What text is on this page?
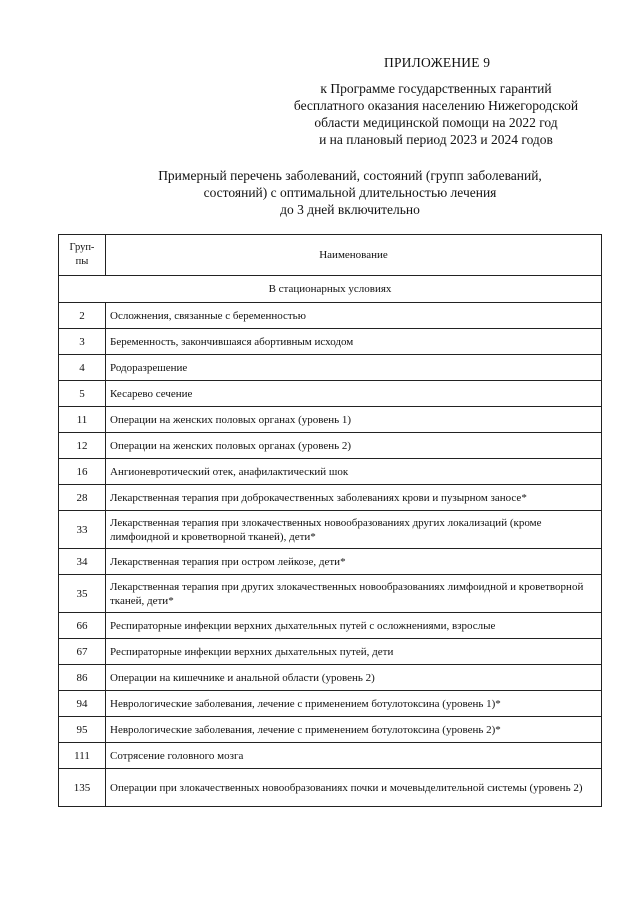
ПРИЛОЖЕНИЕ 9
к Программе государственных гарантий
бесплатного оказания населению Нижегородской
области медицинской помощи на 2022 год
и на плановый период 2023 и 2024 годов
Примерный перечень заболеваний, состояний (групп заболеваний,
состояний) с оптимальной длительностью лечения
до 3 дней включительно
Груп-
пы	Наименование
В стационарных условиях	
2	Осложнения, связанные с беременностью
3	Беременность, закончившаяся абортивным исходом
4	Родоразрешение
5	Кесарево сечение
11	Операции на женских половых органах (уровень 1)
12	Операции на женских половых органах (уровень 2)
16	Ангионевротический отек, анафилактический шок
28	Лекарственная терапия при доброкачественных заболеваниях крови и пузырном заносе*
33	Лекарственная терапия при злокачественных новообразованиях других локализаций (кроме лимфоидной и кроветворной тканей), дети*
34	Лекарственная терапия при остром лейкозе, дети*
35	Лекарственная терапия при других злокачественных новообразованиях лимфоидной и кроветворной тканей, дети*
66	Респираторные инфекции верхних дыхательных путей с осложнениями, взрослые
67	Респираторные инфекции верхних дыхательных путей, дети
86	Операции на кишечнике и анальной области (уровень 2)
94	Неврологические заболевания, лечение с применением ботулотоксина (уровень 1)*
95	Неврологические заболевания, лечение с применением ботулотоксина (уровень 2)*
111	Сотрясение головного мозга
135	Операции при злокачественных новообразованиях почки и мочевыделительной системы (уровень 2)
